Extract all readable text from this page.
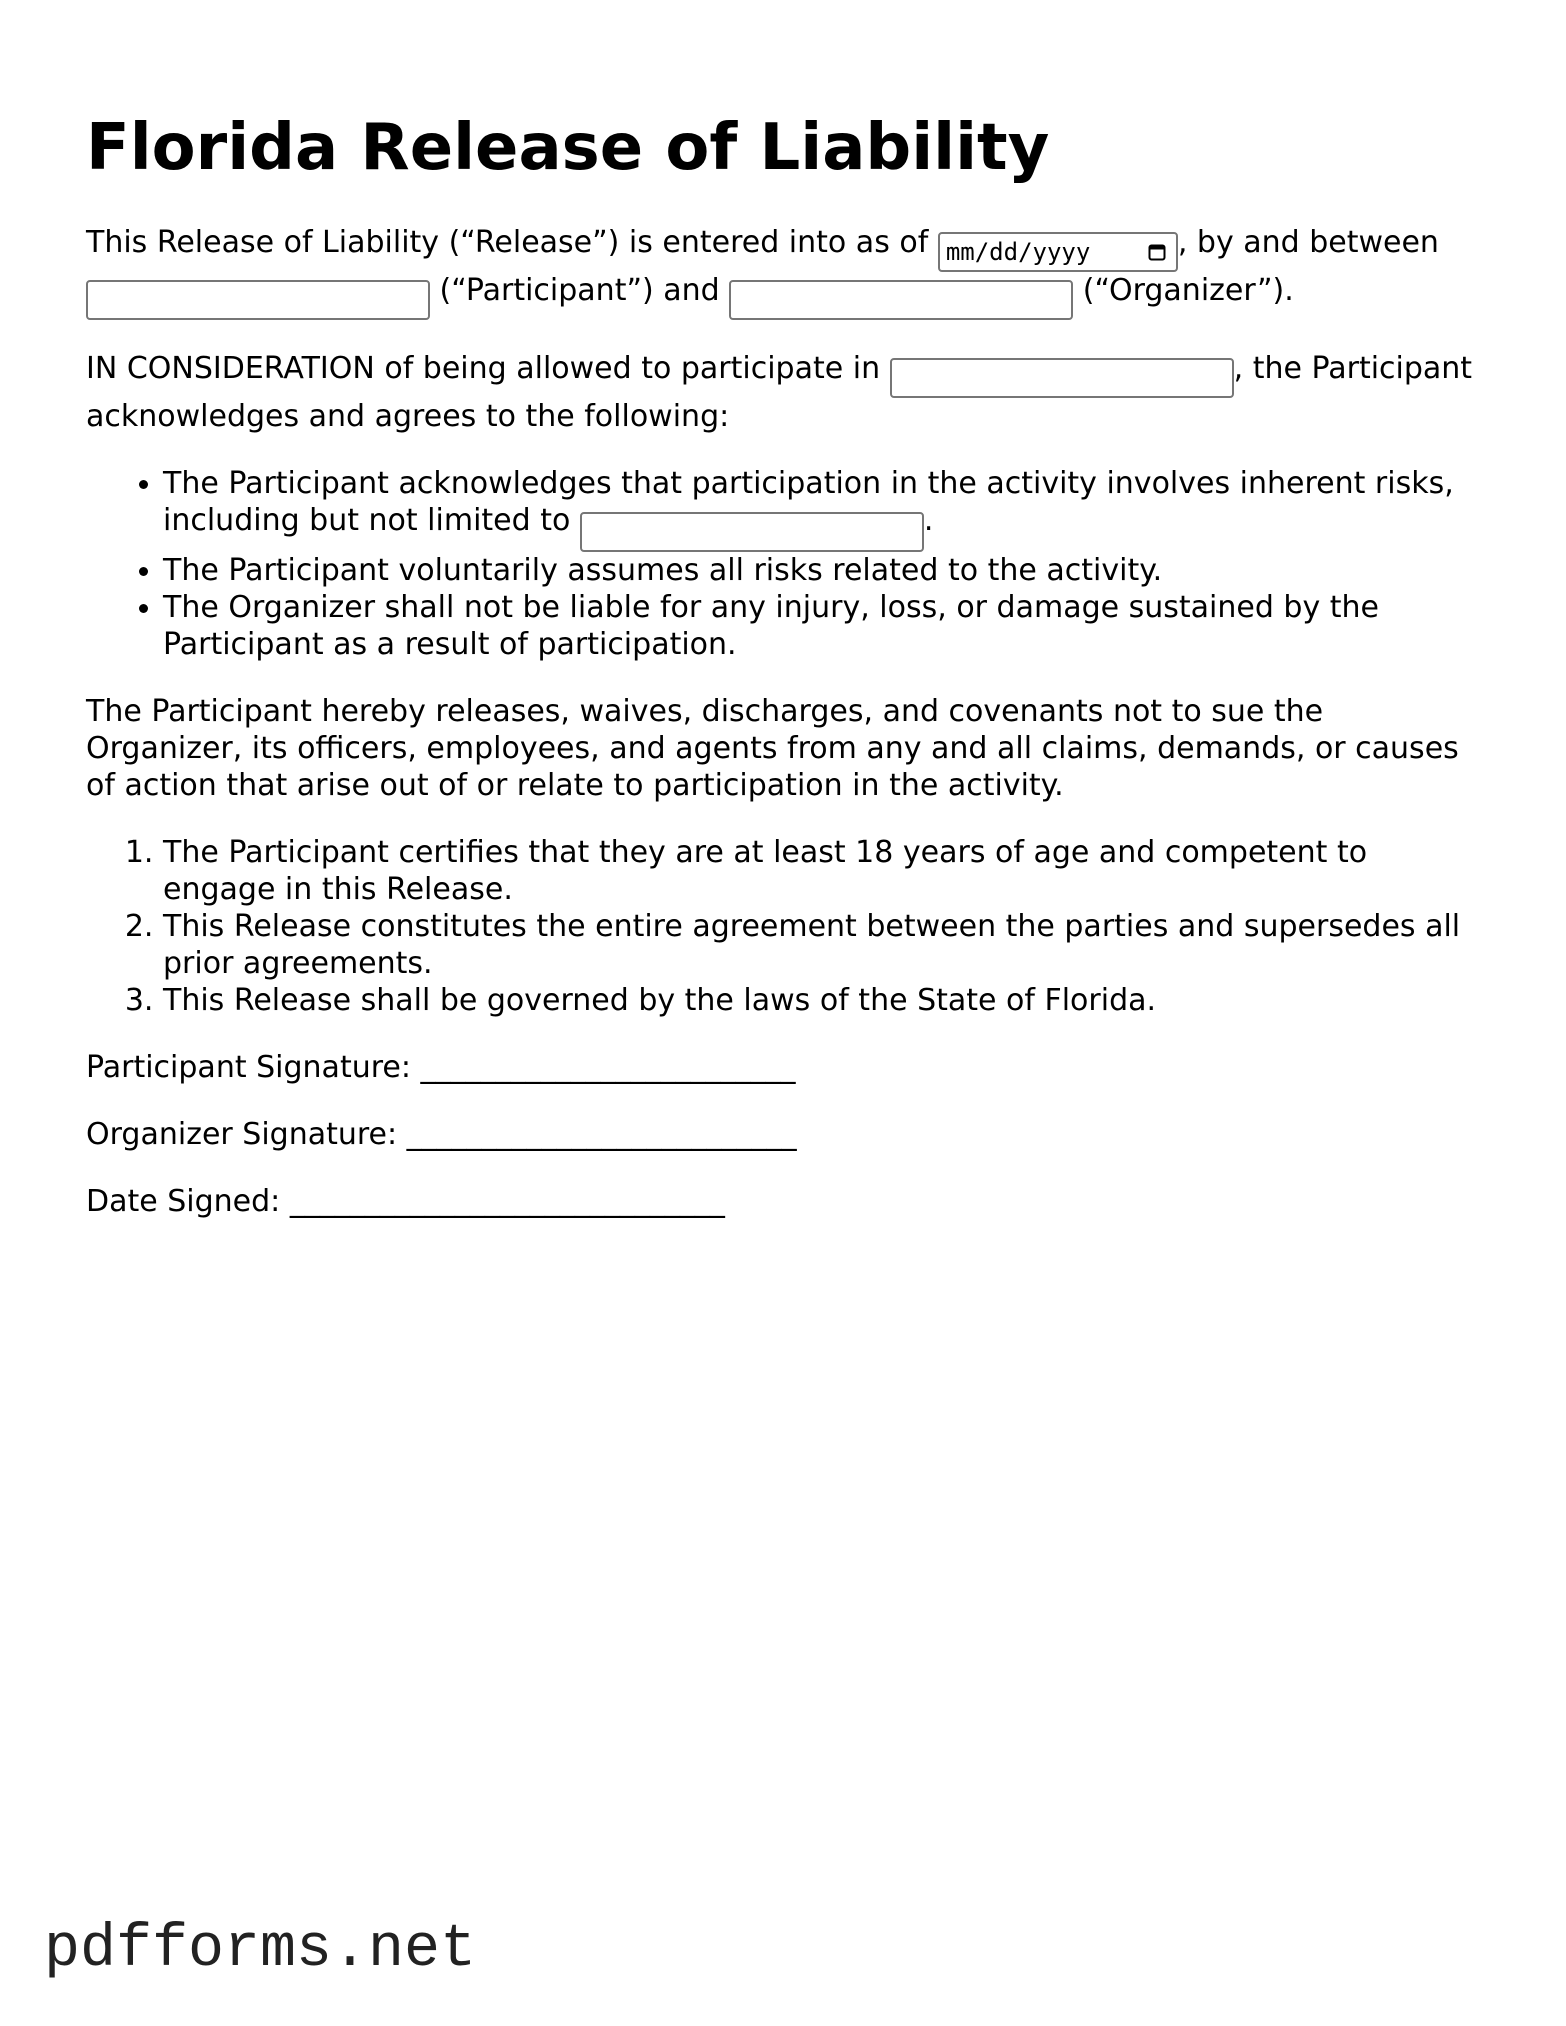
Florida Release of Liability

This Release of Liability (“Release”) is entered into as of mm/dd/yyyy	, by and between
(“Participant”) and	(“Organizer”).

IN CONSIDERATION of being allowed to participate in	, the Participant acknowledges and agrees to the following:

• The Participant acknowledges that participation in the activity involves inherent risks, including but not limited to	.
• The Participant voluntarily assumes all risks related to the activity.
• The Organizer shall not be liable for any injury, loss, or damage sustained by the Participant as a result of participation.

The Participant hereby releases, waives, discharges, and covenants not to sue the Organizer, its officers, employees, and agents from any and all claims, demands, or causes of action that arise out of or relate to participation in the activity.

1. The Participant certifies that they are at least 18 years of age and competent to engage in this Release.
2. This Release constitutes the entire agreement between the parties and supersedes all prior agreements.
3. This Release shall be governed by the laws of the State of Florida.

Participant Signature: _________________________

Organizer Signature: __________________________

Date Signed: _____________________________

pdfforms.net
